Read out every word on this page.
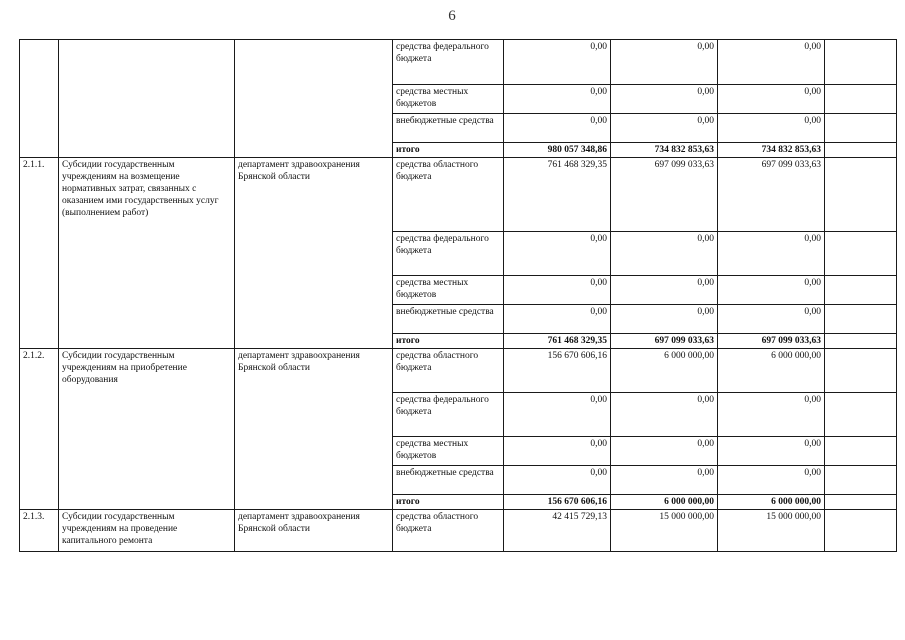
6
			средства федерального бюджета	0,00	0,00	0,00	
			средства местных бюджетов	0,00	0,00	0,00	
			внебюджетные средства	0,00	0,00	0,00	
			итого	980 057 348,86	734 832 853,63	734 832 853,63	
2.1.1.	Субсидии государственным учреждениям на возмещение нормативных затрат, связанных с оказанием ими государственных услуг (выполнением работ)	департамент здравоохранения Брянской области	средства областного бюджета	761 468 329,35	697 099 033,63	697 099 033,63	
			средства федерального бюджета	0,00	0,00	0,00	
			средства местных бюджетов	0,00	0,00	0,00	
			внебюджетные средства	0,00	0,00	0,00	
			итого	761 468 329,35	697 099 033,63	697 099 033,63	
2.1.2.	Субсидии государственным учреждениям на приобретение оборудования	департамент здравоохранения Брянской области	средства областного бюджета	156 670 606,16	6 000 000,00	6 000 000,00	
			средства федерального бюджета	0,00	0,00	0,00	
			средства местных бюджетов	0,00	0,00	0,00	
			внебюджетные средства	0,00	0,00	0,00	
			итого	156 670 606,16	6 000 000,00	6 000 000,00	
2.1.3.	Субсидии государственным учреждениям на проведение капитального ремонта	департамент здравоохранения Брянской области	средства областного бюджета	42 415 729,13	15 000 000,00	15 000 000,00	
